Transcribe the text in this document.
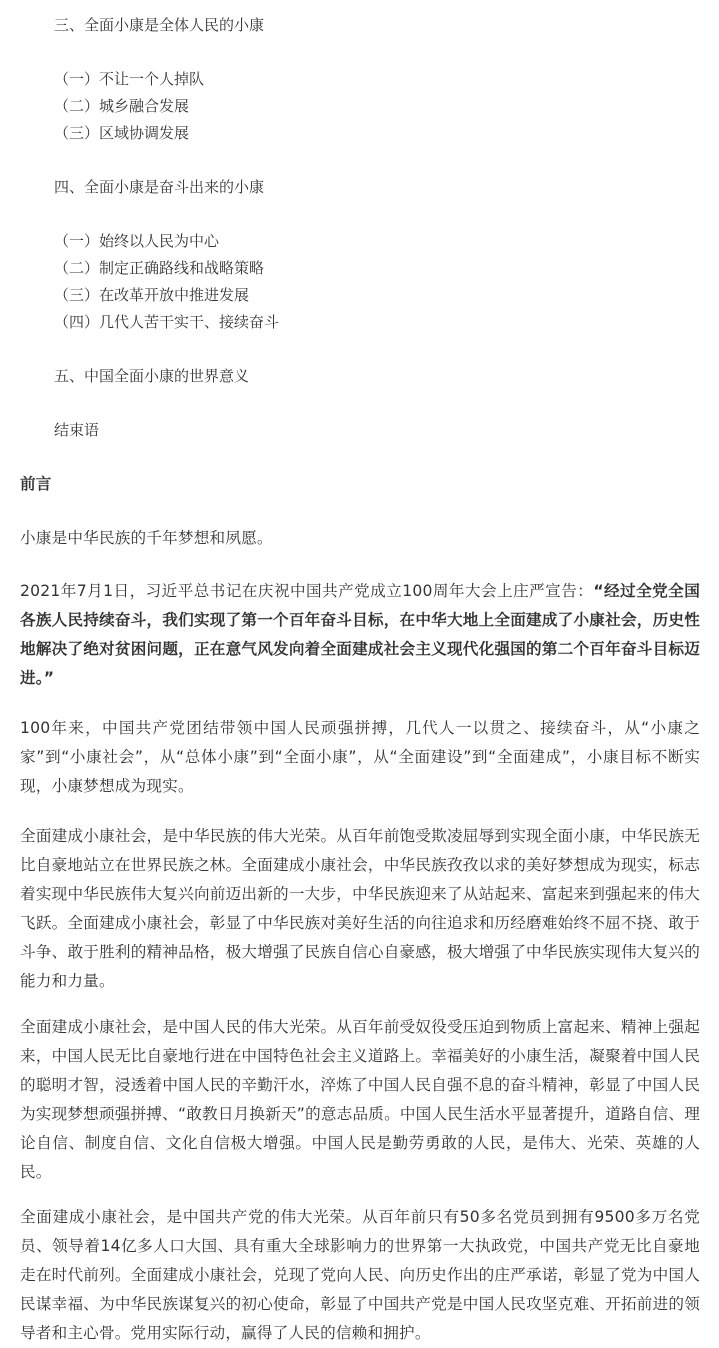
三、全面小康是全体人民的小康
（一）不让一个人掉队
（二）城乡融合发展
（三）区域协调发展
四、全面小康是奋斗出来的小康
（一）始终以人民为中心
（二）制定正确路线和战略策略
（三）在改革开放中推进发展
（四）几代人苦干实干、接续奋斗
五、中国全面小康的世界意义
结束语
前言
小康是中华民族的千年梦想和夙愿。
2021年7月1日，习近平总书记在庆祝中国共产党成立100周年大会上庄严宣告：“经过全党全国各族人民持续奋斗，我们实现了第一个百年奋斗目标，在中华大地上全面建成了小康社会，历史性地解决了绝对贫困问题，正在意气风发向着全面建成社会主义现代化强国的第二个百年奋斗目标迈进。”
100年来，中国共产党团结带领中国人民顽强拼搏，几代人一以贯之、接续奋斗，从“小康之家”到“小康社会”，从“总体小康”到“全面小康”，从“全面建设”到“全面建成”，小康目标不断实现，小康梦想成为现实。
全面建成小康社会，是中华民族的伟大光荣。从百年前饱受欺凌屈辱到实现全面小康，中华民族无比自豪地站立在世界民族之林。全面建成小康社会，中华民族孜孜以求的美好梦想成为现实，标志着实现中华民族伟大复兴向前迈出新的一大步，中华民族迎来了从站起来、富起来到强起来的伟大飞跃。全面建成小康社会，彰显了中华民族对美好生活的向往追求和历经磨难始终不屈不挠、敢于斗争、敢于胜利的精神品格，极大增强了民族自信心自豪感，极大增强了中华民族实现伟大复兴的能力和力量。
全面建成小康社会，是中国人民的伟大光荣。从百年前受奴役受压迫到物质上富起来、精神上强起来，中国人民无比自豪地行进在中国特色社会主义道路上。幸福美好的小康生活，凝聚着中国人民的聪明才智，浸透着中国人民的辛勤汗水，淬炼了中国人民自强不息的奋斗精神，彰显了中国人民为实现梦想顽强拼搏、“敢教日月换新天”的意志品质。中国人民生活水平显著提升，道路自信、理论自信、制度自信、文化自信极大增强。中国人民是勤劳勇敢的人民，是伟大、光荣、英雄的人民。
全面建成小康社会，是中国共产党的伟大光荣。从百年前只有50多名党员到拥有9500多万名党员、领导着14亿多人口大国、具有重大全球影响力的世界第一大执政党，中国共产党无比自豪地走在时代前列。全面建成小康社会，兑现了党向人民、向历史作出的庄严承诺，彰显了党为中国人民谋幸福、为中华民族谋复兴的初心使命，彰显了中国共产党是中国人民攻坚克难、开拓前进的领导者和主心骨。党用实际行动，赢得了人民的信赖和拥护。
